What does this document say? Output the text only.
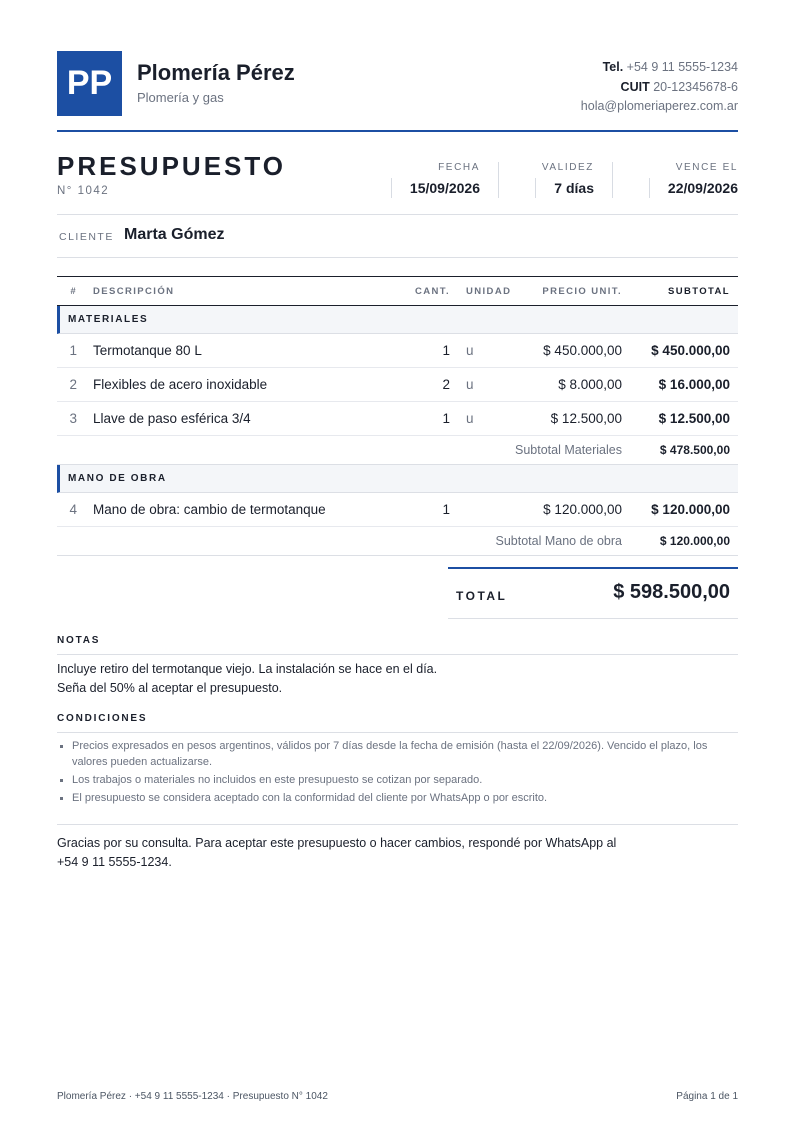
PP	Plomería Pérez
Plomería y gas
Tel. +54 9 11 5555-1234
CUIT 20-12345678-6
hola@plomeriaperez.com.ar
PRESUPUESTO
N° 1042
FECHA
15/09/2026
VALIDEZ
7 días
VENCE EL
22/09/2026
CLIENTE Marta Gómez
# DESCRIPCIÓN	CANT. UNIDAD	PRECIO UNIT.	SUBTOTAL
MATERIALES
1 Termotanque 80 L	1 u	$ 450.000,00 $ 450.000,00
2 Flexibles de acero inoxidable	2 u	$ 8.000,00	$ 16.000,00
3 Llave de paso esférica 3/4	1 u	$ 12.500,00	$ 12.500,00
Subtotal Materiales	$ 478.500,00
MANO DE OBRA
4 Mano de obra: cambio de termotanque	1	$ 120.000,00 $ 120.000,00
Subtotal Mano de obra	$ 120.000,00
TOTAL	$ 598.500,00
NOTAS
Incluye retiro del termotanque viejo. La instalación se hace en el día.
Seña del 50% al aceptar el presupuesto.
CONDICIONES
Precios expresados en pesos argentinos, válidos por 7 días desde la fecha de emisión (hasta el 22/09/2026). Vencido el plazo, los valores pueden actualizarse.
Los trabajos o materiales no incluidos en este presupuesto se cotizan por separado.
El presupuesto se considera aceptado con la conformidad del cliente por WhatsApp o por escrito.
Gracias por su consulta. Para aceptar este presupuesto o hacer cambios, respondé por WhatsApp al
+54 9 11 5555-1234.
Plomería Pérez · +54 9 11 5555-1234 · Presupuesto N° 1042	Página 1 de 1
